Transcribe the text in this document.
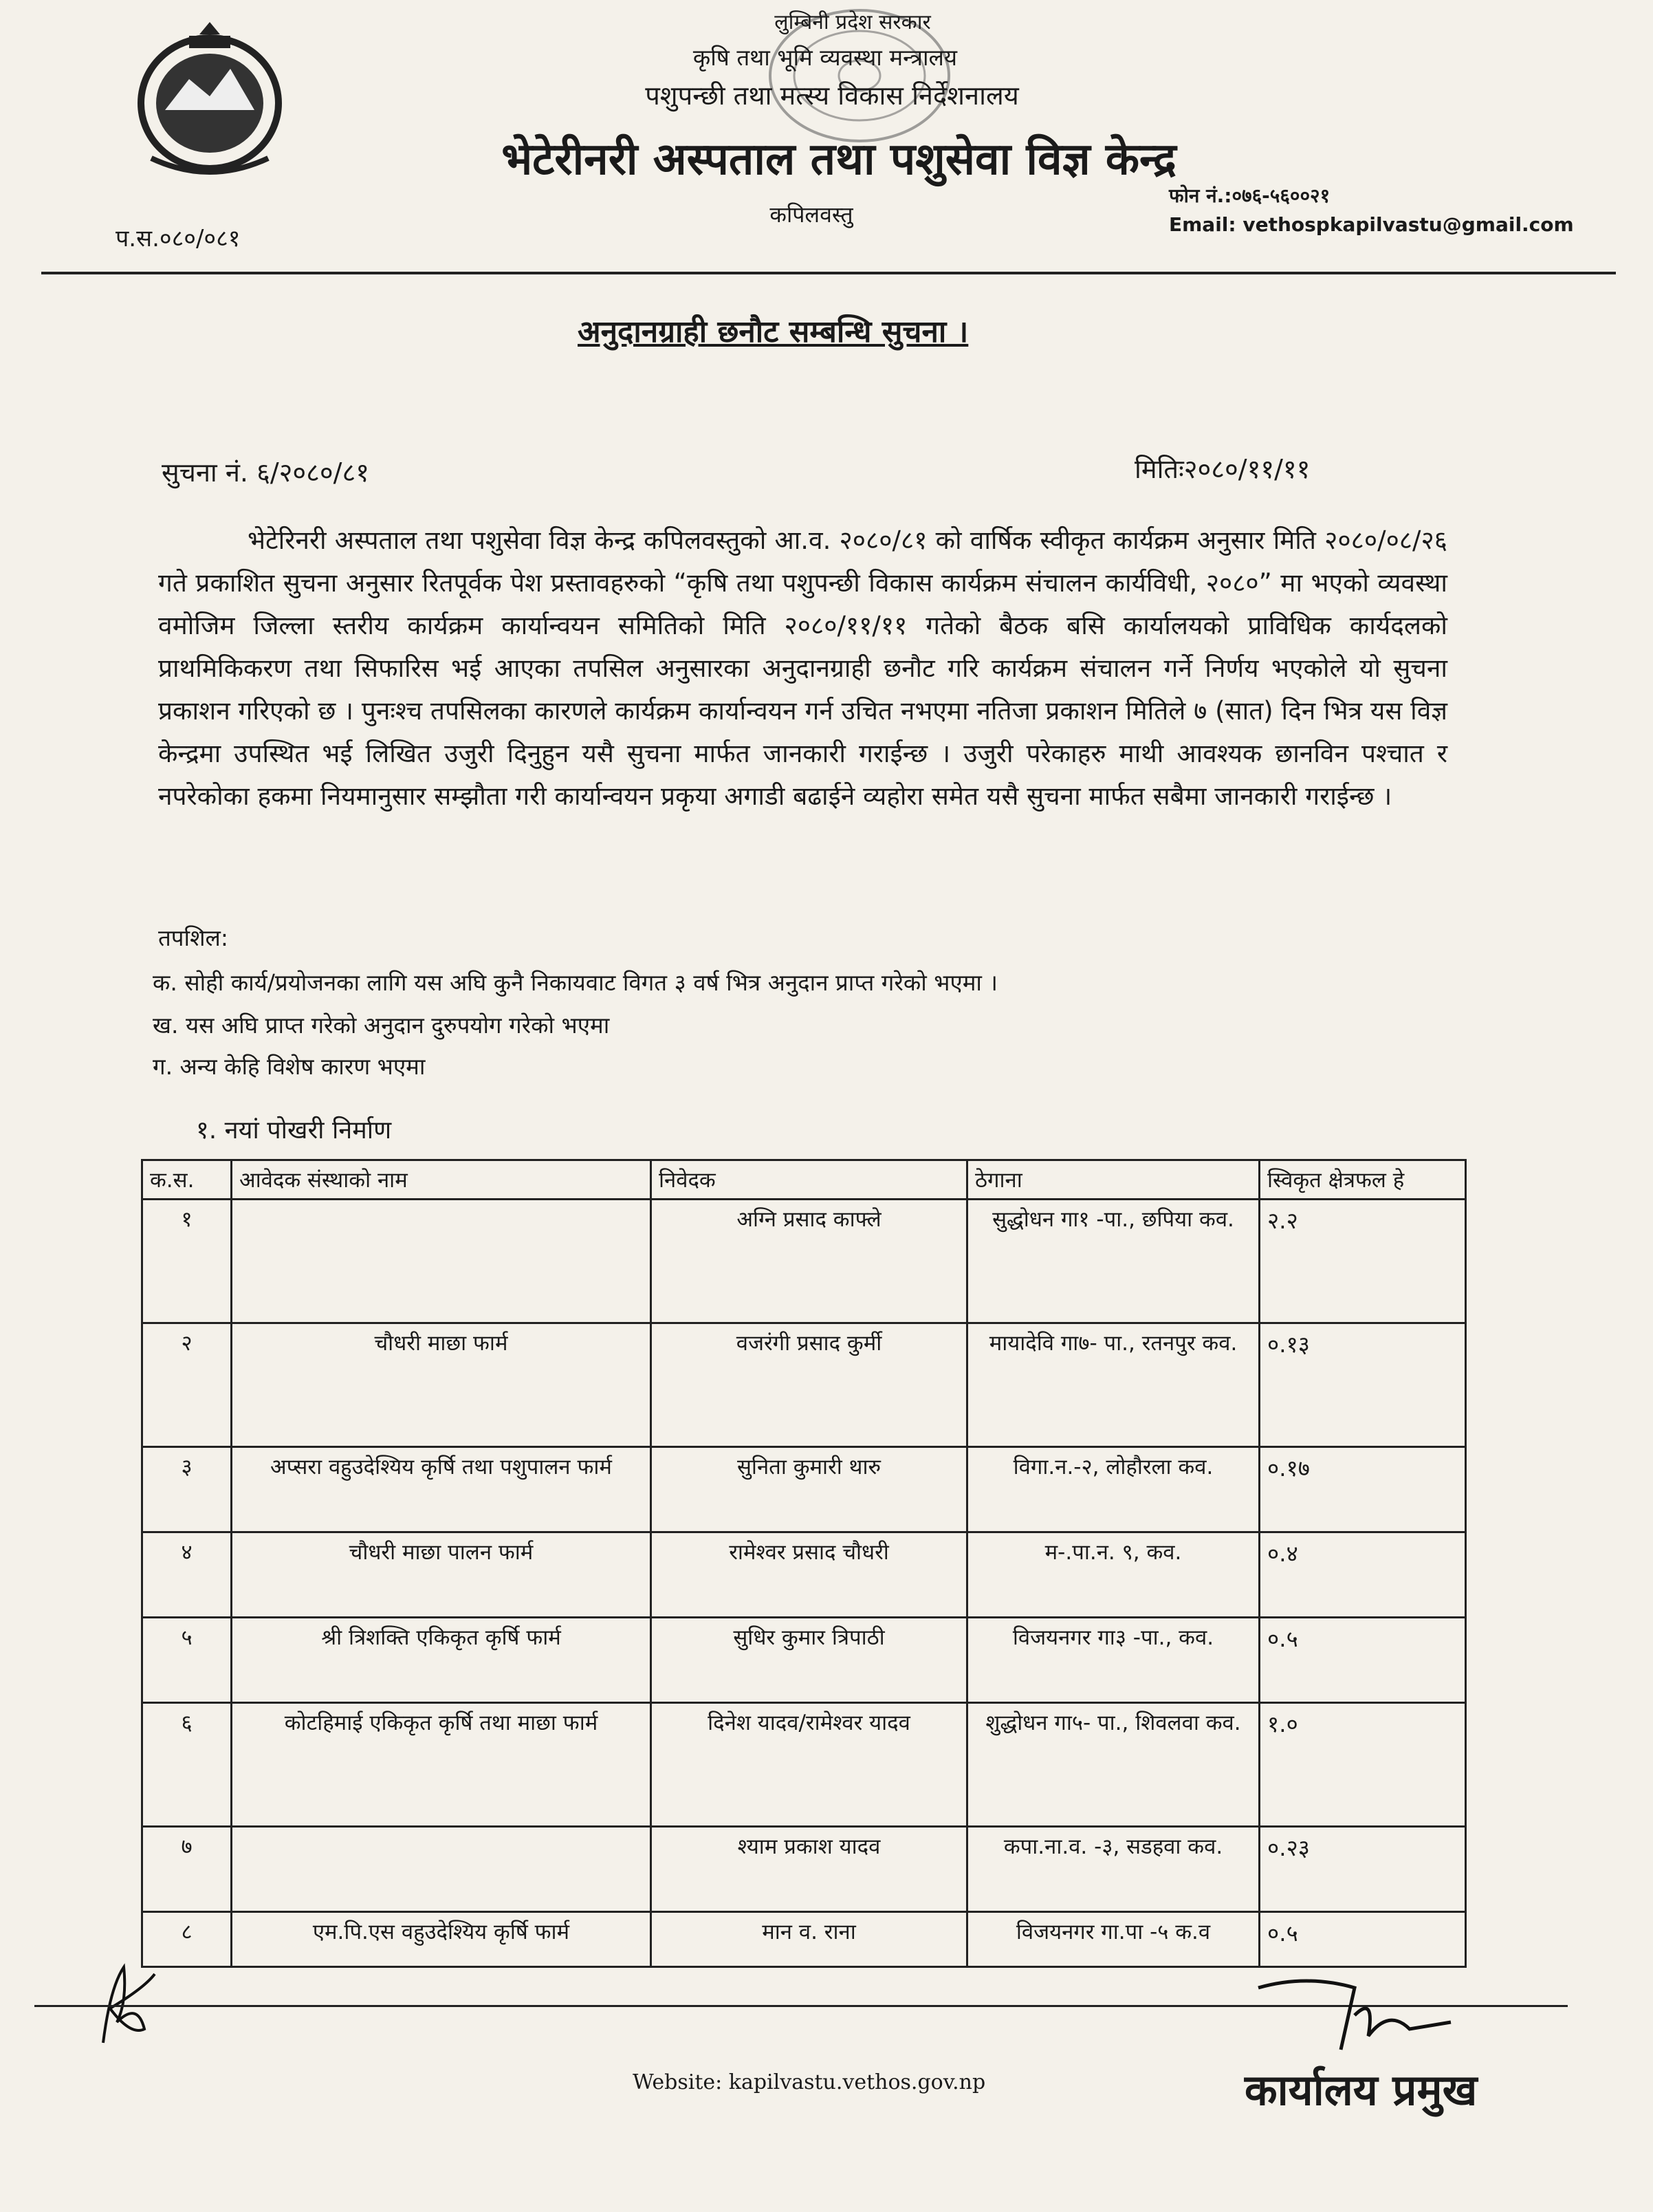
लुम्बिनी प्रदेश सरकार
कृषि तथा भूमि व्यवस्था मन्त्रालय
पशुपन्छी तथा मत्स्य विकास निर्देशनालय
भेटेरीनरी अस्पताल तथा पशुसेवा विज्ञ केन्द्र
कपिलवस्तु
प.स.०८०/०८१
फोन नं.:०७६-५६००२१
Email: vethospkapilvastu@gmail.com
अनुदानग्राही छनौट सम्बन्धि सुचना ।
सुचना नं. ६/२०८०/८१	मितिः२०८०/११/११
भेटेरिनरी अस्पताल तथा पशुसेवा विज्ञ केन्द्र कपिलवस्तुको आ.व. २०८०/८१ को वार्षिक स्वीकृत कार्यक्रम अनुसार मिति २०८०/०८/२६ गते प्रकाशित सुचना अनुसार रितपूर्वक पेश प्रस्तावहरुको “कृषि तथा पशुपन्छी विकास कार्यक्रम संचालन कार्यविधी, २०८०” मा भएको व्यवस्था वमोजिम जिल्ला स्तरीय कार्यक्रम कार्यान्वयन समितिको मिति २०८०/११/११ गतेको बैठक बसि कार्यालयको प्राविधिक कार्यदलको प्राथमिकिकरण तथा सिफारिस भई आएका तपसिल अनुसारका अनुदानग्राही छनौट गरि कार्यक्रम संचालन गर्ने निर्णय भएकोले यो सुचना प्रकाशन गरिएको छ । पुनःश्च तपसिलका कारणले कार्यक्रम कार्यान्वयन गर्न उचित नभएमा नतिजा प्रकाशन मितिले ७ (सात) दिन भित्र यस विज्ञ केन्द्रमा उपस्थित भई लिखित उजुरी दिनुहुन यसै सुचना मार्फत जानकारी गराईन्छ । उजुरी परेकाहरु माथी आवश्यक छानविन पश्चात र नपरेकोका हकमा नियमानुसार सम्झौता गरी कार्यान्वयन प्रकृया अगाडी बढाईने व्यहोरा समेत यसै सुचना मार्फत सबैमा जानकारी गराईन्छ ।
तपशिल:
क. सोही कार्य/प्रयोजनका लागि यस अघि कुनै निकायवाट विगत ३ वर्ष भित्र अनुदान प्राप्त गरेको भएमा ।
ख. यस अघि प्राप्त गरेको अनुदान दुरुपयोग गरेको भएमा
ग. अन्य केहि विशेष कारण भएमा
१. नयां पोखरी निर्माण
क.स.	आवेदक संस्थाको नाम	निवेदक	ठेगाना	स्विकृत क्षेत्रफल हे
१		अग्नि प्रसाद काफ्ले	सुद्धोधन गा१ -पा., छपिया कव.	२.२
२	चौधरी माछा फार्म	वजरंगी प्रसाद कुर्मी	मायादेवि गा७- पा., रतनपुर कव.	०.१३
३	अप्सरा वहुउदेश्यिय कृर्षि तथा पशुपालन फार्म	सुनिता कुमारी थारु	विगा.न.-२, लोहौरला कव.	०.१७
४	चौधरी माछा पालन फार्म	रामेश्वर प्रसाद चौधरी	म-.पा.न. ९, कव.	०.४
५	श्री त्रिशक्ति एकिकृत कृर्षि फार्म	सुधिर कुमार त्रिपाठी	विजयनगर गा३ -पा., कव.	०.५
६	कोटहिमाई एकिकृत कृर्षि तथा माछा फार्म	दिनेश यादव/रामेश्वर यादव	शुद्धोधन गा५- पा., शिवलवा कव.	१.०
७		श्याम प्रकाश यादव	कपा.ना.व. -३, सडहवा कव.	०.२३
८	एम.पि.एस वहुउदेश्यिय कृर्षि फार्म	मान व. राना	विजयनगर गा.पा -५ क.व	०.५
Website: kapilvastu.vethos.gov.np	कार्यालय प्रमुख
